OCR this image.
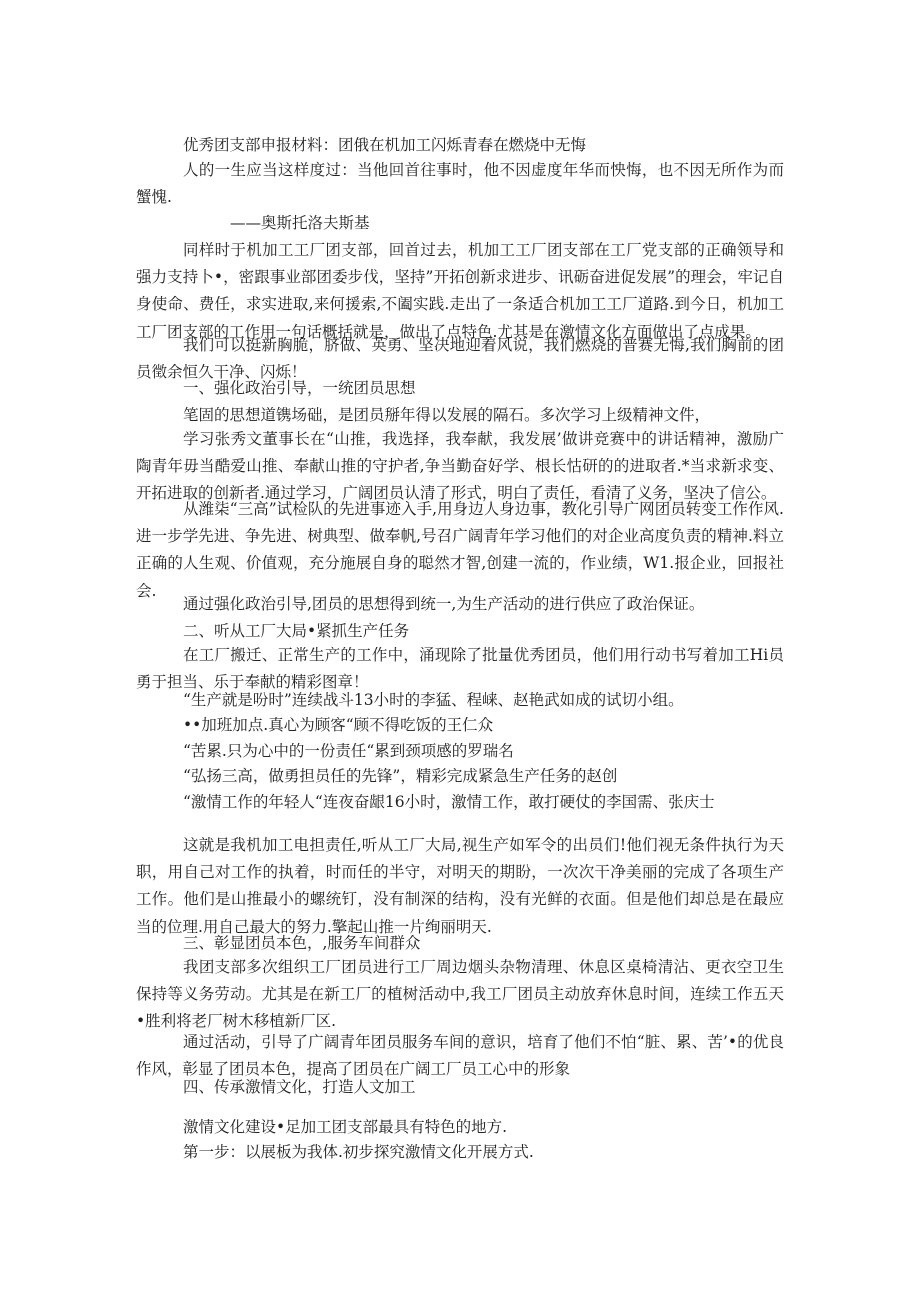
优秀团支部申报材料：团俄在机加工闪烁青春在燃烧中无悔
人的一生应当这样度过：当他回首往事时，他不因虚度年华而怏悔，也不因无所作为而蟹愧.
——奥斯托洛夫斯基
同样时于机加工工厂团支部，回首过去，机加工工厂团支部在工厂党支部的正确领导和强力支持卜•，密跟事业部团委步伐，坚持”开拓创新求进步、讯砺奋进促发展”的理会，牢记自身使命、费任，求实进取,来何援索,不阖实践.走出了一条适合机加工工厂道路.到今日，机加工工厂团支部的工作用一句话概括就是，做出了点特色.尤其是在激情文化方面做出了点成果。
我们可以挺新胸脆，脐做、英勇、坚决地迎着风说，我们燃烧的普赛无悔,我们胸前的团员徵余恒久干净、闪烁！
一、强化政治引导，一统团员思想
笔固的思想道镌场础，是团员掰年得以发展的隔石。多次学习上级精神文件，
学习张秀文董事长在“山推，我选择，我奉献，我发展’做讲竞赛中的讲话精神，激励广陶青年毋当酷爱山推、奉献山推的守护者,争当勤奋好学、根长怙研的的进取者.*当求新求变、开拓进取的创新者.通过学习，广阔团员认清了形式，明白了责任，看清了义务，坚决了信公。
从潍柒“三高”试检队的先进事迹入手,用身边人身边事，教化引导广网团员转变工作作风.进一步学先进、争先进、树典型、做奉帆,号召广阔青年学习他们的对企业高度负责的精神.料立正确的人生观、价值观，充分施展自身的聪然才智,创建一流的，作业绩，W1.报企业，回报社会.
通过强化政治引导,团员的思想得到统一,为生产活动的进行供应了政治保证。
二、听从工厂大局•紧抓生产任务
在工厂搬迁、正常生产的工作中，涌现除了批量优秀团员，他们用行动书写着加工Hi员勇于担当、乐于奉献的精彩图章！
“生产就是吩时”连续战斗13小时的李猛、程崃、赵艳武如成的试切小组。
••加班加点.真心为顾客“顾不得吃饭的王仁众
“苦累.只为心中的一份责任“累到颈项感的罗瑞名
“弘扬三高，做勇担员任的先锋”，精彩完成紧急生产任务的赵创
“激情工作的年轻人“连夜奋龈16小时，激情工作，敢打硬仗的李国需、张庆士
这就是我机加工电担责任,听从工厂大局,视生产如军令的出员们!他们视无条件执行为天职，用自己对工作的执着，时而任的半守，对明天的期盼，一次次干净美丽的完成了各项生产工作。他们是山推最小的螺统钉，没有制深的结构，没有光鲜的衣面。但是他们却总是在最应当的位理.用自己最大的努力.擎起山推一片绚丽明天.
三、彰显团员本色，,服务车间群众
我团支部多次组织工厂团员进行工厂周边烟头杂物清理、休息区桌椅清沾、更衣空卫生保持等义务劳动。尤其是在新工厂的植树活动中,我工厂团员主动放弃休息时间，连续工作五天•胜利将老厂树木移植新厂区.
通过活动，引导了广阔青年团员服务车间的意识，培育了他们不怕“脏、累、苦’•的优良作风，彰显了团员本色，提高了团员在广阔工厂员工心中的形象
四、传承激情文化，打造人文加工
激情文化建设•足加工团支部最具有特色的地方.
第一步：以展板为我体.初步探究激情文化开展方式.
